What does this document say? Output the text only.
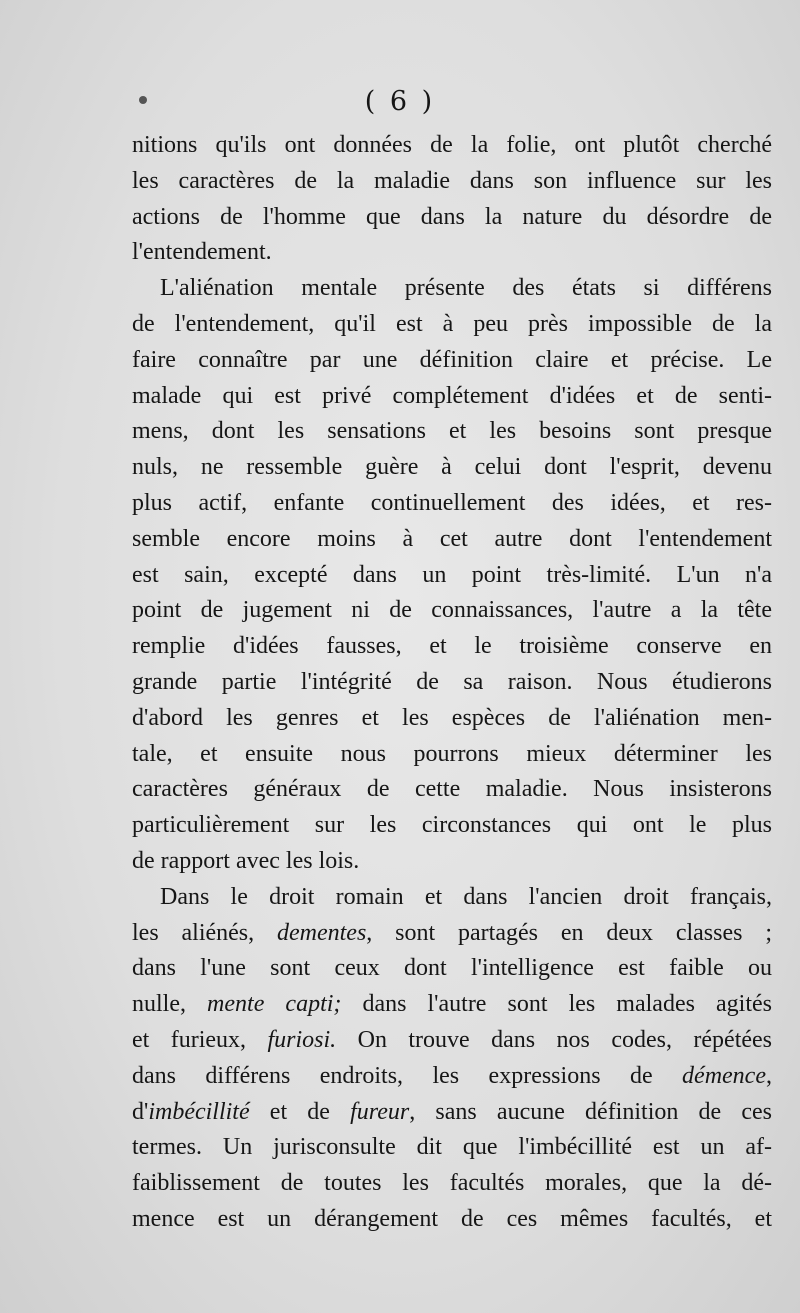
( 6 )
nitions qu'ils ont données de la folie, ont plutôt cherché
les caractères de la maladie dans son influence sur les
actions de l'homme que dans la nature du désordre de
l'entendement.
L'aliénation mentale présente des états si différens
de l'entendement, qu'il est à peu près impossible de la
faire connaître par une définition claire et précise. Le
malade qui est privé complétement d'idées et de senti-
mens, dont les sensations et les besoins sont presque
nuls, ne ressemble guère à celui dont l'esprit, devenu
plus actif, enfante continuellement des idées, et res-
semble encore moins à cet autre dont l'entendement
est sain, excepté dans un point très-limité. L'un n'a
point de jugement ni de connaissances, l'autre a la tête
remplie d'idées fausses, et le troisième conserve en
grande partie l'intégrité de sa raison. Nous étudierons
d'abord les genres et les espèces de l'aliénation men-
tale, et ensuite nous pourrons mieux déterminer les
caractères généraux de cette maladie. Nous insisterons
particulièrement sur les circonstances qui ont le plus
de rapport avec les lois.
Dans le droit romain et dans l'ancien droit français,
les aliénés, dementes, sont partagés en deux classes ;
dans l'une sont ceux dont l'intelligence est faible ou
nulle, mente capti; dans l'autre sont les malades agités
et furieux, furiosi. On trouve dans nos codes, répétées
dans différens endroits, les expressions de démence,
d'imbécillité et de fureur, sans aucune définition de ces
termes. Un jurisconsulte dit que l'imbécillité est un af-
faiblissement de toutes les facultés morales, que la dé-
mence est un dérangement de ces mêmes facultés, et
